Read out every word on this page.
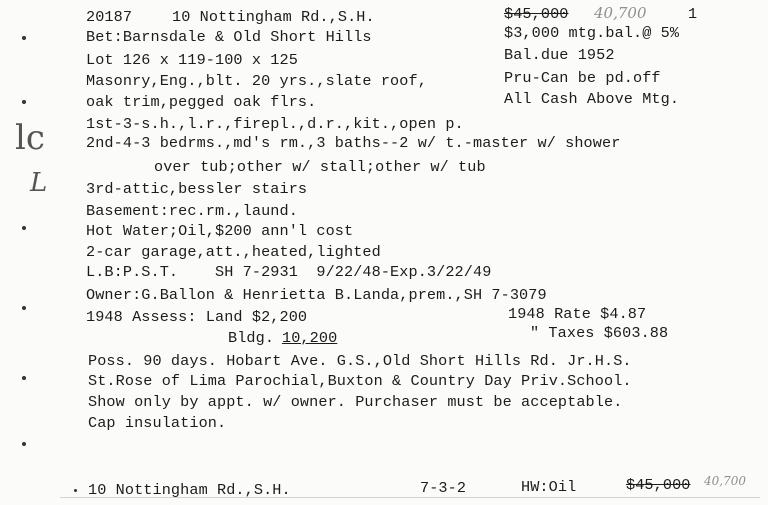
lc
L
20187	10 Nottingham Rd.,S.H.	$45,000 40,700	1
Bet:Barnsdale & Old Short Hills
Lot 126 x 119-100 x 125
Masonry,Eng.,blt. 20 yrs.,slate roof,
oak trim,pegged oak flrs.
1st-3-s.h.,l.r.,firepl.,d.r.,kit.,open p.
2nd-4-3 bedrms.,md's rm.,3 baths--2 w/ t.-master w/ shower
over tub;other w/ stall;other w/ tub
3rd-attic,bessler stairs
Basement:rec.rm.,laund.
Hot Water;Oil,$200 ann'l cost
2-car garage,att.,heated,lighted
L.B:P.S.T.    SH 7-2931  9/22/48-Exp.3/22/49
Owner:G.Ballon & Henrietta B.Landa,prem.,SH 7-3079
1948 Assess: Land $2,200
Bldg. 10,200
Poss. 90 days. Hobart Ave. G.S.,Old Short Hills Rd. Jr.H.S.
St.Rose of Lima Parochial,Buxton & Country Day Priv.School.
Show only by appt. w/ owner. Purchaser must be acceptable.
Cap insulation.
$3,000 mtg.bal.@ 5%
Bal.due 1952
Pru-Can be pd.off
All Cash Above Mtg.
1948 Rate $4.87
" Taxes $603.88
10 Nottingham Rd.,S.H.	7-3-2	HW:Oil	$45,000 40,700
